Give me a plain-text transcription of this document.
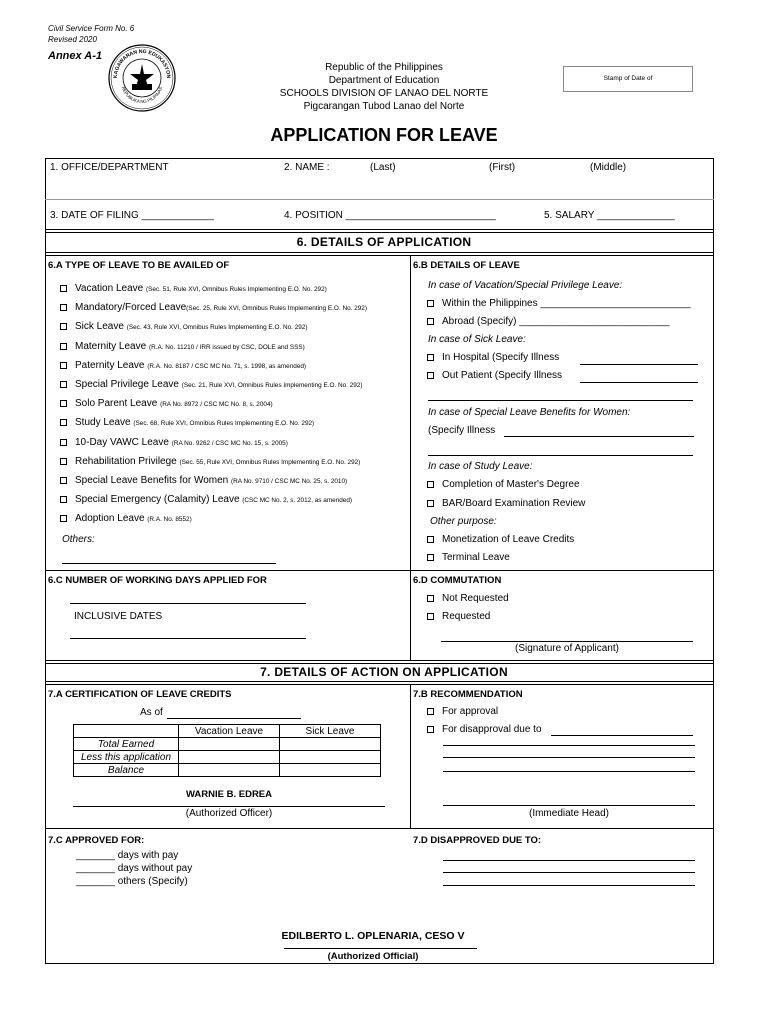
Civil Service Form No. 6
Revised 2020
Annex A-1
KAGAWARAN NG EDUKASYON
REPUBLIKA NG PILIPINAS
Republic of the Philippines
Department of Education
SCHOOLS DIVISION OF LANAO DEL NORTE
Pigcarangan Tubod Lanao del Norte
Stamp of Date of
APPLICATION FOR LEAVE
1. OFFICE/DEPARTMENT	2. NAME :	(Last)	(First)	(Middle)
3. DATE OF FILING _____________	4. POSITION ___________________________	5. SALARY ______________
6. DETAILS OF APPLICATION
6.A TYPE OF LEAVE TO BE AVAILED OF
Vacation Leave (Sec. 51, Rule XVI, Omnibus Rules Implementing E.O. No. 292)
Mandatory/Forced Leave(Sec. 25, Rule XVI, Omnibus Rules Implementing E.O. No. 292)
Sick Leave (Sec. 43, Rule XVI, Omnibus Rules Implementing E.O. No. 292)
Maternity Leave (R.A. No. 11210 / IRR issued by CSC, DOLE and SSS)
Paternity Leave (R.A. No. 8187 / CSC MC No. 71, s. 1998, as amended)
Special Privilege Leave (Sec. 21, Rule XVI, Omnibus Rules Implementing E.O. No. 292)
Solo Parent Leave (RA No. 8972 / CSC MC No. 8, s. 2004)
Study Leave (Sec. 68, Rule XVI, Omnibus Rules Implementing E.O. No. 292)
10-Day VAWC Leave (RA No. 9262 / CSC MC No. 15, s. 2005)
Rehabilitation Privilege (Sec. 55, Rule XVI, Omnibus Rules Implementing E.O. No. 292)
Special Leave Benefits for Women (RA No. 9710 / CSC MC No. 25, s. 2010)
Special Emergency (Calamity) Leave (CSC MC No. 2, s. 2012, as amended)
Adoption Leave (R.A. No. 8552)
Others:
6.B DETAILS OF LEAVE
In case of Vacation/Special Privilege Leave:
Within the Philippines ___________________________
Abroad (Specify) ___________________________
In case of Sick Leave:
In Hospital (Specify Illness
Out Patient (Specify Illness
In case of Special Leave Benefits for Women:
(Specify Illness
In case of Study Leave:
Completion of Master's Degree
BAR/Board Examination Review
Other purpose:
Monetization of Leave Credits
Terminal Leave
6.C NUMBER OF WORKING DAYS APPLIED FOR
INCLUSIVE DATES
6.D COMMUTATION
Not Requested
Requested
(Signature of Applicant)
7. DETAILS OF ACTION ON APPLICATION
7.A CERTIFICATION OF LEAVE CREDITS
As of
	Vacation Leave	Sick Leave
Total Earned		
Less this application		
Balance		
WARNIE B. EDREA
(Authorized Officer)
7.B RECOMMENDATION
For approval
For disapproval due to
(Immediate Head)
7.C APPROVED FOR:
_______ days with pay
_______ days without pay
_______ others (Specify)
7.D DISAPPROVED DUE TO:
EDILBERTO L. OPLENARIA, CESO V
(Authorized Official)
